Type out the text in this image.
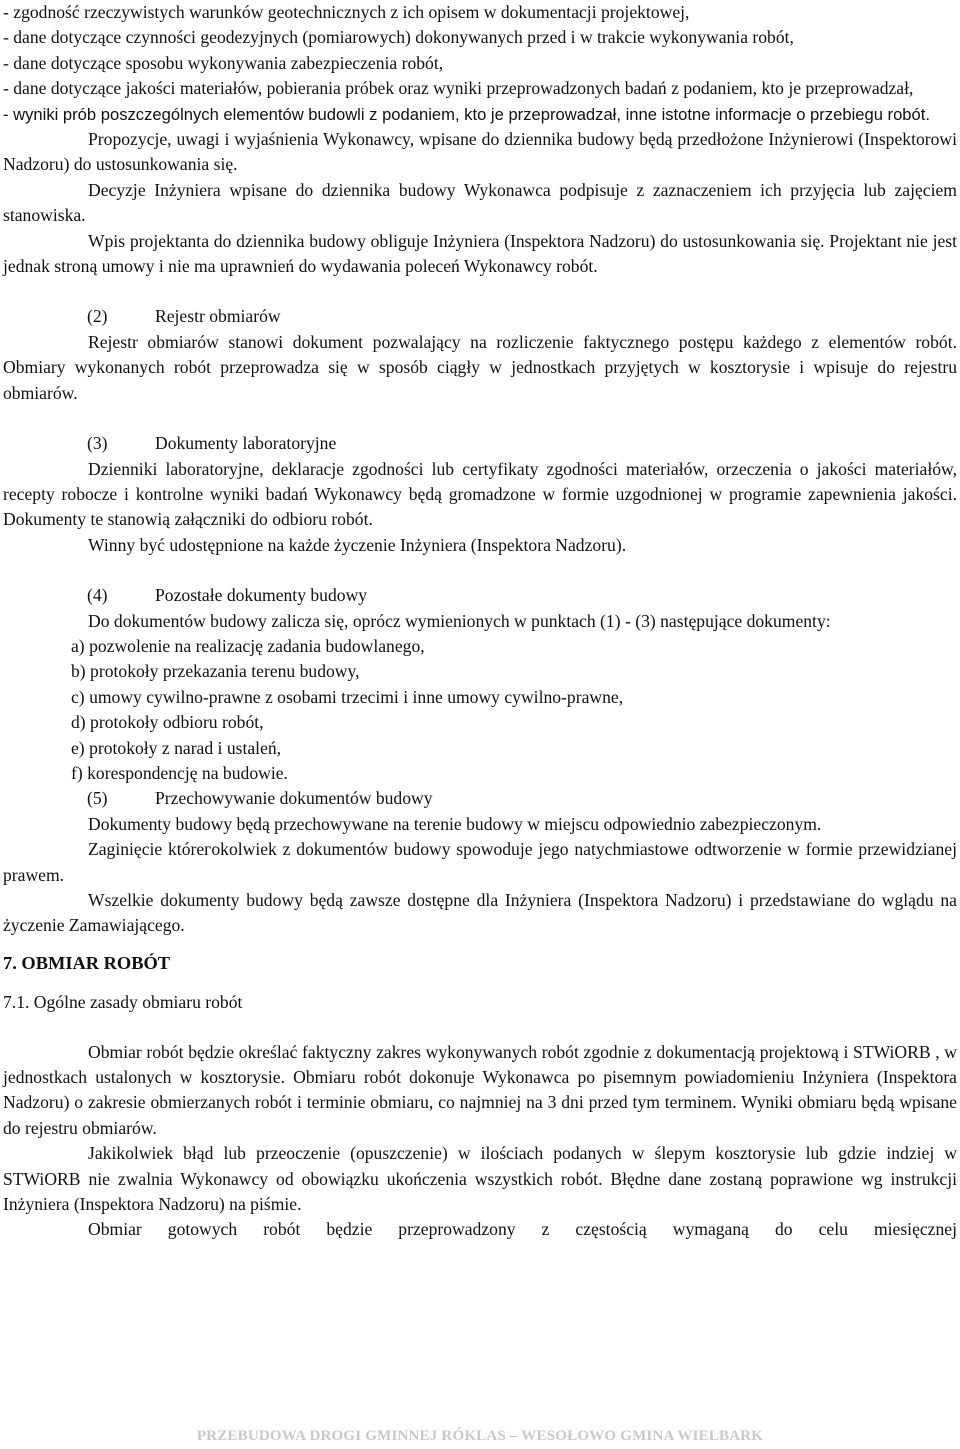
- zgodność rzeczywistych warunków geotechnicznych z ich opisem w dokumentacji projektowej,

- dane dotyczące czynności geodezyjnych (pomiarowych) dokonywanych przed i w trakcie wykonywania robót,

- dane dotyczące sposobu wykonywania zabezpieczenia robót,

- dane dotyczące jakości materiałów, pobierania próbek oraz wyniki przeprowadzonych badań z podaniem, kto je przeprowadzał,

- wyniki prób poszczególnych elementów budowli z podaniem, kto je przeprowadzał, inne istotne informacje o przebiegu robót.

Propozycje, uwagi i wyjaśnienia Wykonawcy, wpisane do dziennika budowy będą przedłożone Inżynierowi (Inspektorowi Nadzoru) do ustosunkowania się.

Decyzje Inżyniera wpisane do dziennika budowy Wykonawca podpisuje z zaznaczeniem ich przyjęcia lub zajęciem stanowiska.

Wpis projektanta do dziennika budowy obliguje Inżyniera (Inspektora Nadzoru) do ustosunkowania się. Projektant nie jest jednak stroną umowy i nie ma uprawnień do wydawania poleceń Wykonawcy robót.

(2)	Rejestr obmiarów

Rejestr obmiarów stanowi dokument pozwalający na rozliczenie faktycznego postępu każdego z elementów robót. Obmiary wykonanych robót przeprowadza się w sposób ciągły w jednostkach przyjętych w kosztorysie i wpisuje do rejestru obmiarów.

(3)	Dokumenty laboratoryjne

Dzienniki laboratoryjne, deklaracje zgodności lub certyfikaty zgodności materiałów, orzeczenia o jakości materiałów, recepty robocze i kontrolne wyniki badań Wykonawcy będą gromadzone w formie uzgodnionej w programie zapewnienia jakości. Dokumenty te stanowią załączniki do odbioru robót.

Winny być udostępnione na każde życzenie Inżyniera (Inspektora Nadzoru).

(4)	Pozostałe dokumenty budowy

Do dokumentów budowy zalicza się, oprócz wymienionych w punktach (1) - (3) następujące dokumenty:

a) pozwolenie na realizację zadania budowlanego,

b) protokoły przekazania terenu budowy,

c) umowy cywilno-prawne z osobami trzecimi i inne umowy cywilno-prawne,

d) protokoły odbioru robót,

e) protokoły z narad i ustaleń,

f) korespondencję na budowie.

(5)	Przechowywanie dokumentów budowy

Dokumenty budowy będą przechowywane na terenie budowy w miejscu odpowiednio zabezpieczonym.

Zaginięcie którегokolwiek z dokumentów budowy spowoduje jego natychmiastowe odtworzenie w formie przewidzianej prawem.

Wszelkie dokumenty budowy będą zawsze dostępne dla Inżyniera (Inspektora Nadzoru) i przedstawiane do wglądu na życzenie Zamawiającego.

7. OBMIAR ROBÓT

7.1. Ogólne zasady obmiaru robót

Obmiar robót będzie określać faktyczny zakres wykonywanych robót zgodnie z dokumentacją projektową i STWiORB , w jednostkach ustalonych w kosztorysie. Obmiaru robót dokonuje Wykonawca po pisemnym powiadomieniu Inżyniera (Inspektora Nadzoru) o zakresie obmierzanych robót i terminie obmiaru, co najmniej na 3 dni przed tym terminem. Wyniki obmiaru będą wpisane do rejestru obmiarów.

Jakikolwiek błąd lub przeoczenie (opuszczenie) w ilościach podanych w ślepym kosztorysie lub gdzie indziej w STWiORB nie zwalnia Wykonawcy od obowiązku ukończenia wszystkich robót. Błędne dane zostaną poprawione wg instrukcji Inżyniera (Inspektora Nadzoru) na piśmie.

Obmiar gotowych robót będzie przeprowadzony z częstością wymaganą do celu miesięcznej

PRZEBUDOWA DROGI GMINNEJ RÓKLAS – WESOŁOWO GMINA WIELBARK
